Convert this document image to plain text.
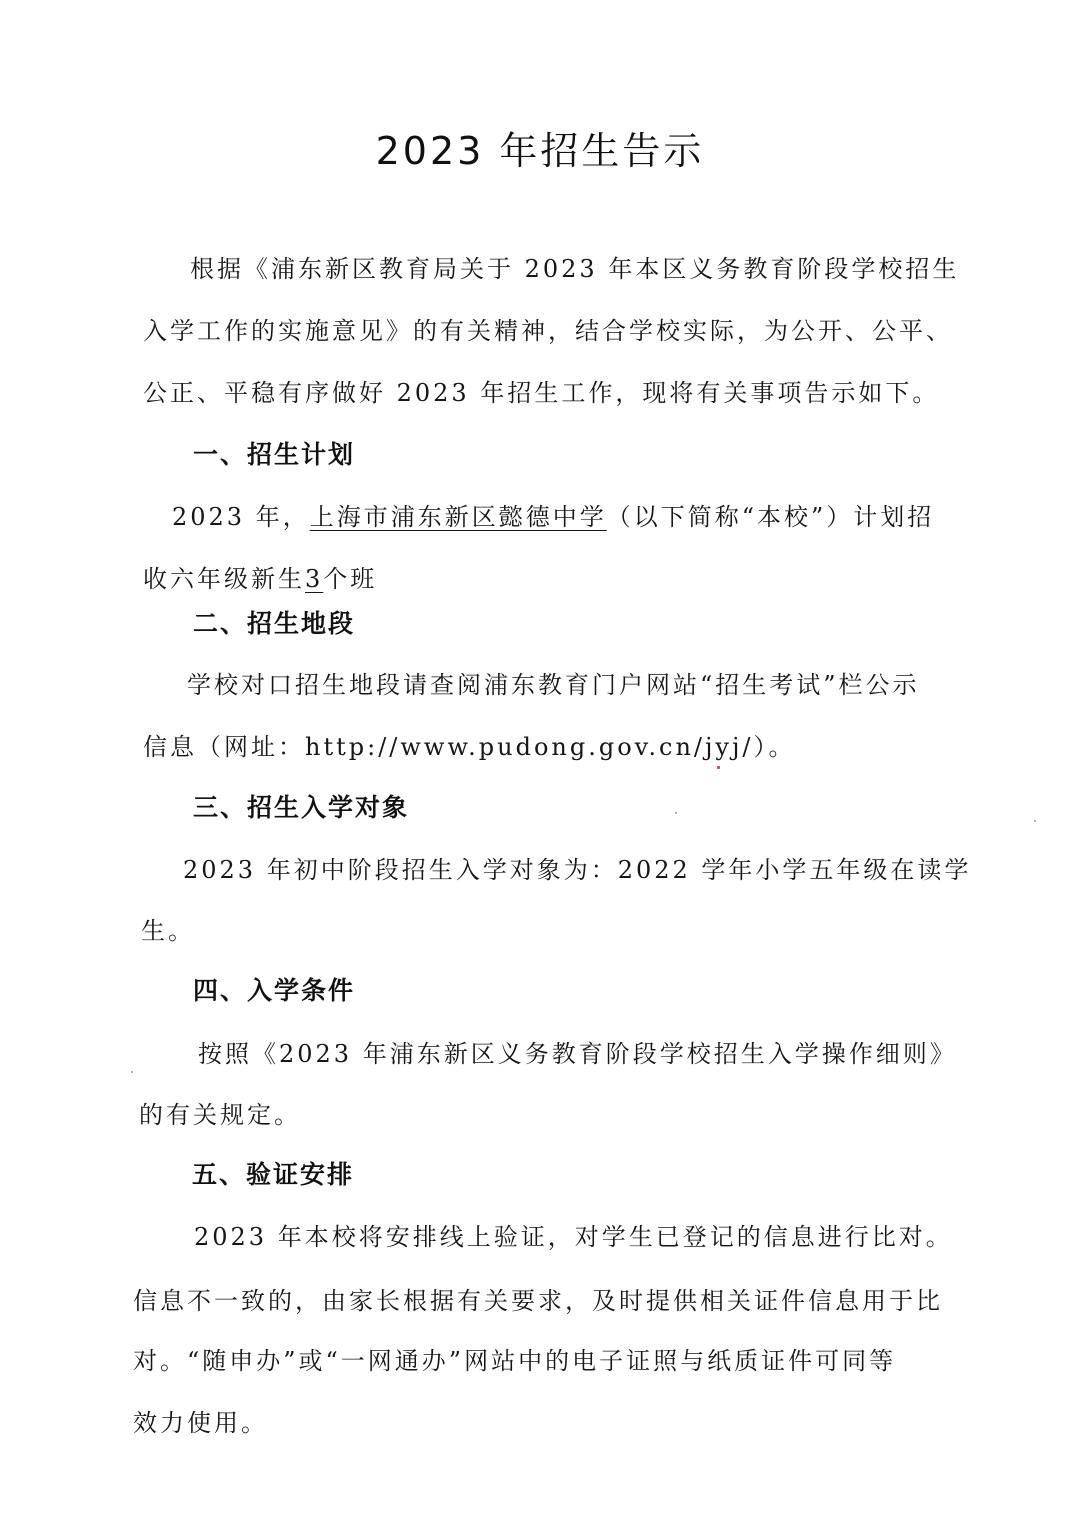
2023 年招生告示
根据《浦东新区教育局关于 2023 年本区义务教育阶段学校招生
入学工作的实施意见》的有关精神，结合学校实际，为公开、公平、
公正、平稳有序做好 2023 年招生工作，现将有关事项告示如下。
一、招生计划
2023 年，上海市浦东新区懿德中学（以下简称“本校”）计划招
收六年级新生3个班
二、招生地段
学校对口招生地段请查阅浦东教育门户网站“招生考试”栏公示
信息（网址：http://www.pudong.gov.cn/jyj/）。
三、招生入学对象
2023 年初中阶段招生入学对象为：2022 学年小学五年级在读学
生。
四、入学条件
按照《2023 年浦东新区义务教育阶段学校招生入学操作细则》
的有关规定。
五、验证安排
2023 年本校将安排线上验证，对学生已登记的信息进行比对。
信息不一致的，由家长根据有关要求，及时提供相关证件信息用于比
对。“随申办”或“一网通办”网站中的电子证照与纸质证件可同等
效力使用。
